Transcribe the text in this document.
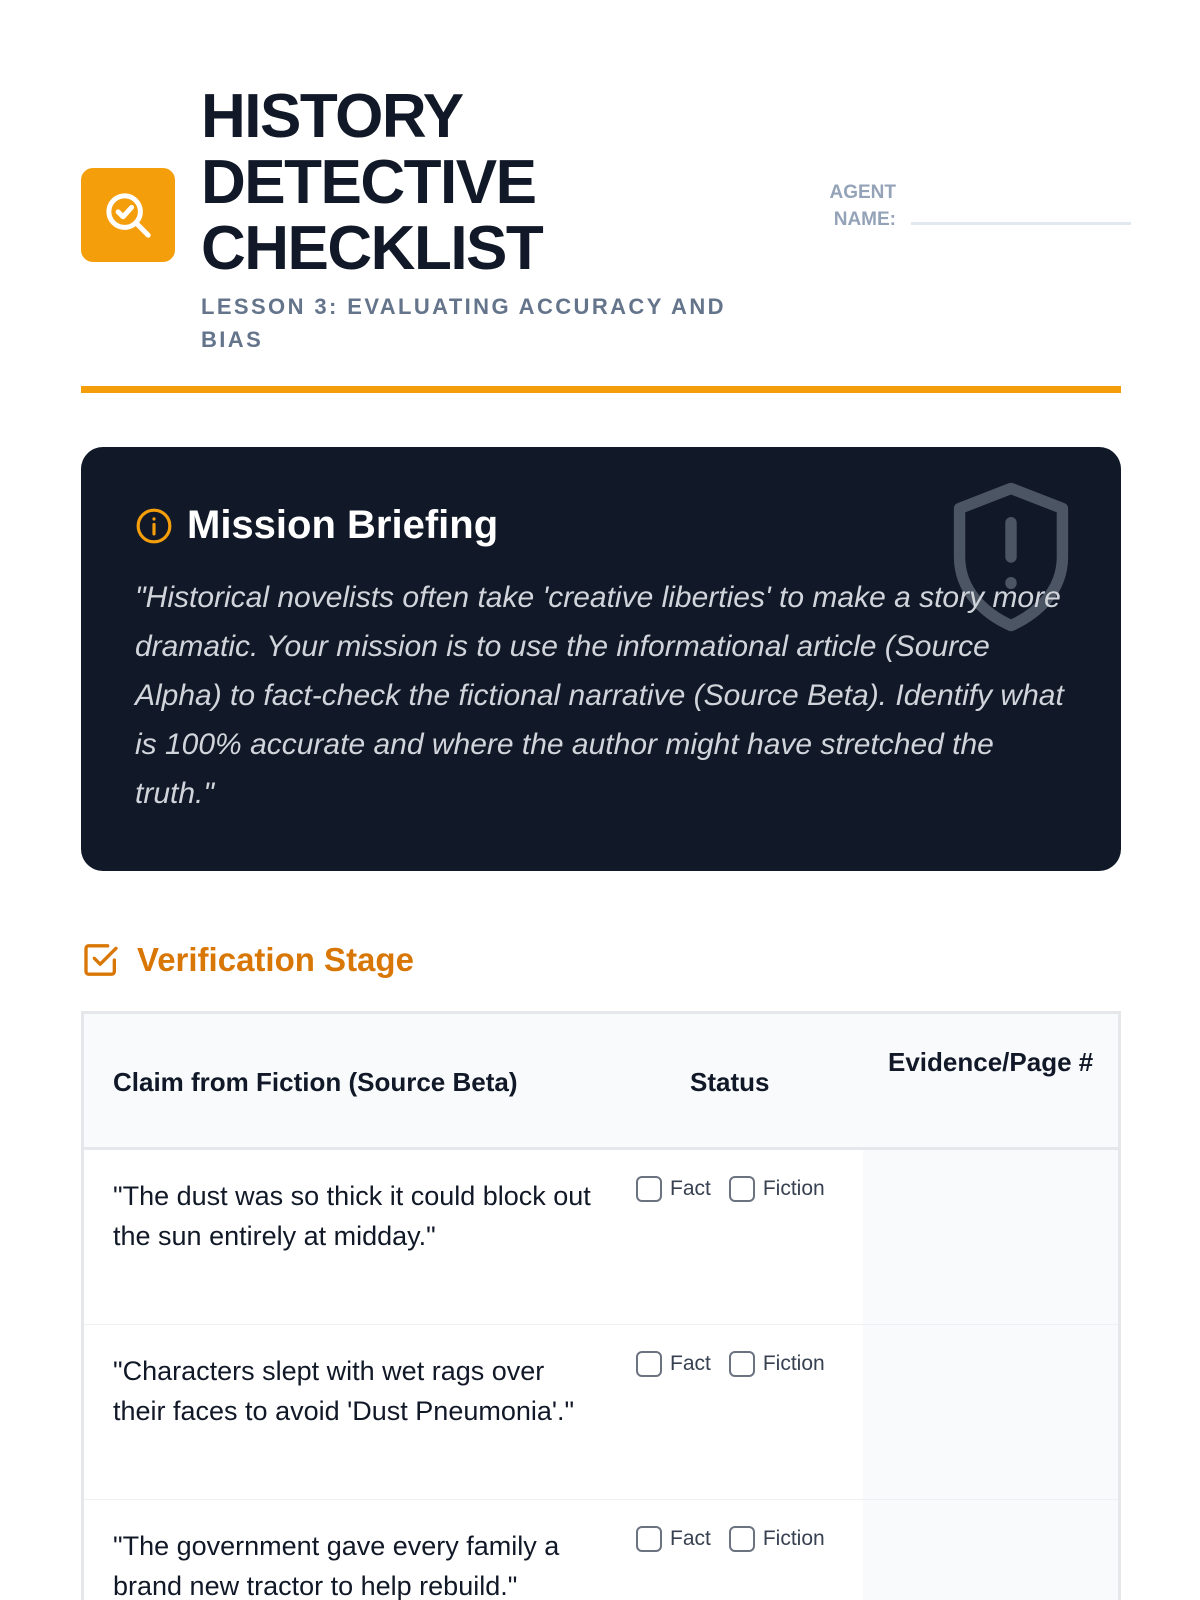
HISTORY DETECTIVE CHECKLIST
LESSON 3: EVALUATING ACCURACY AND BIAS
AGENT NAME:
Mission Briefing
"Historical novelists often take 'creative liberties' to make a story more dramatic. Your mission is to use the informational article (Source Alpha) to fact-check the fictional narrative (Source Beta). Identify what is 100% accurate and where the author might have stretched the truth."
Verification Stage
Claim from Fiction (Source Beta)	Status
Evidence/Page #
"The dust was so thick it could block out the sun entirely at midday."
Fact Fiction
"Characters slept with wet rags over their faces to avoid 'Dust Pneumonia'."
Fact Fiction
"The government gave every family a brand new tractor to help rebuild."
Fact Fiction
